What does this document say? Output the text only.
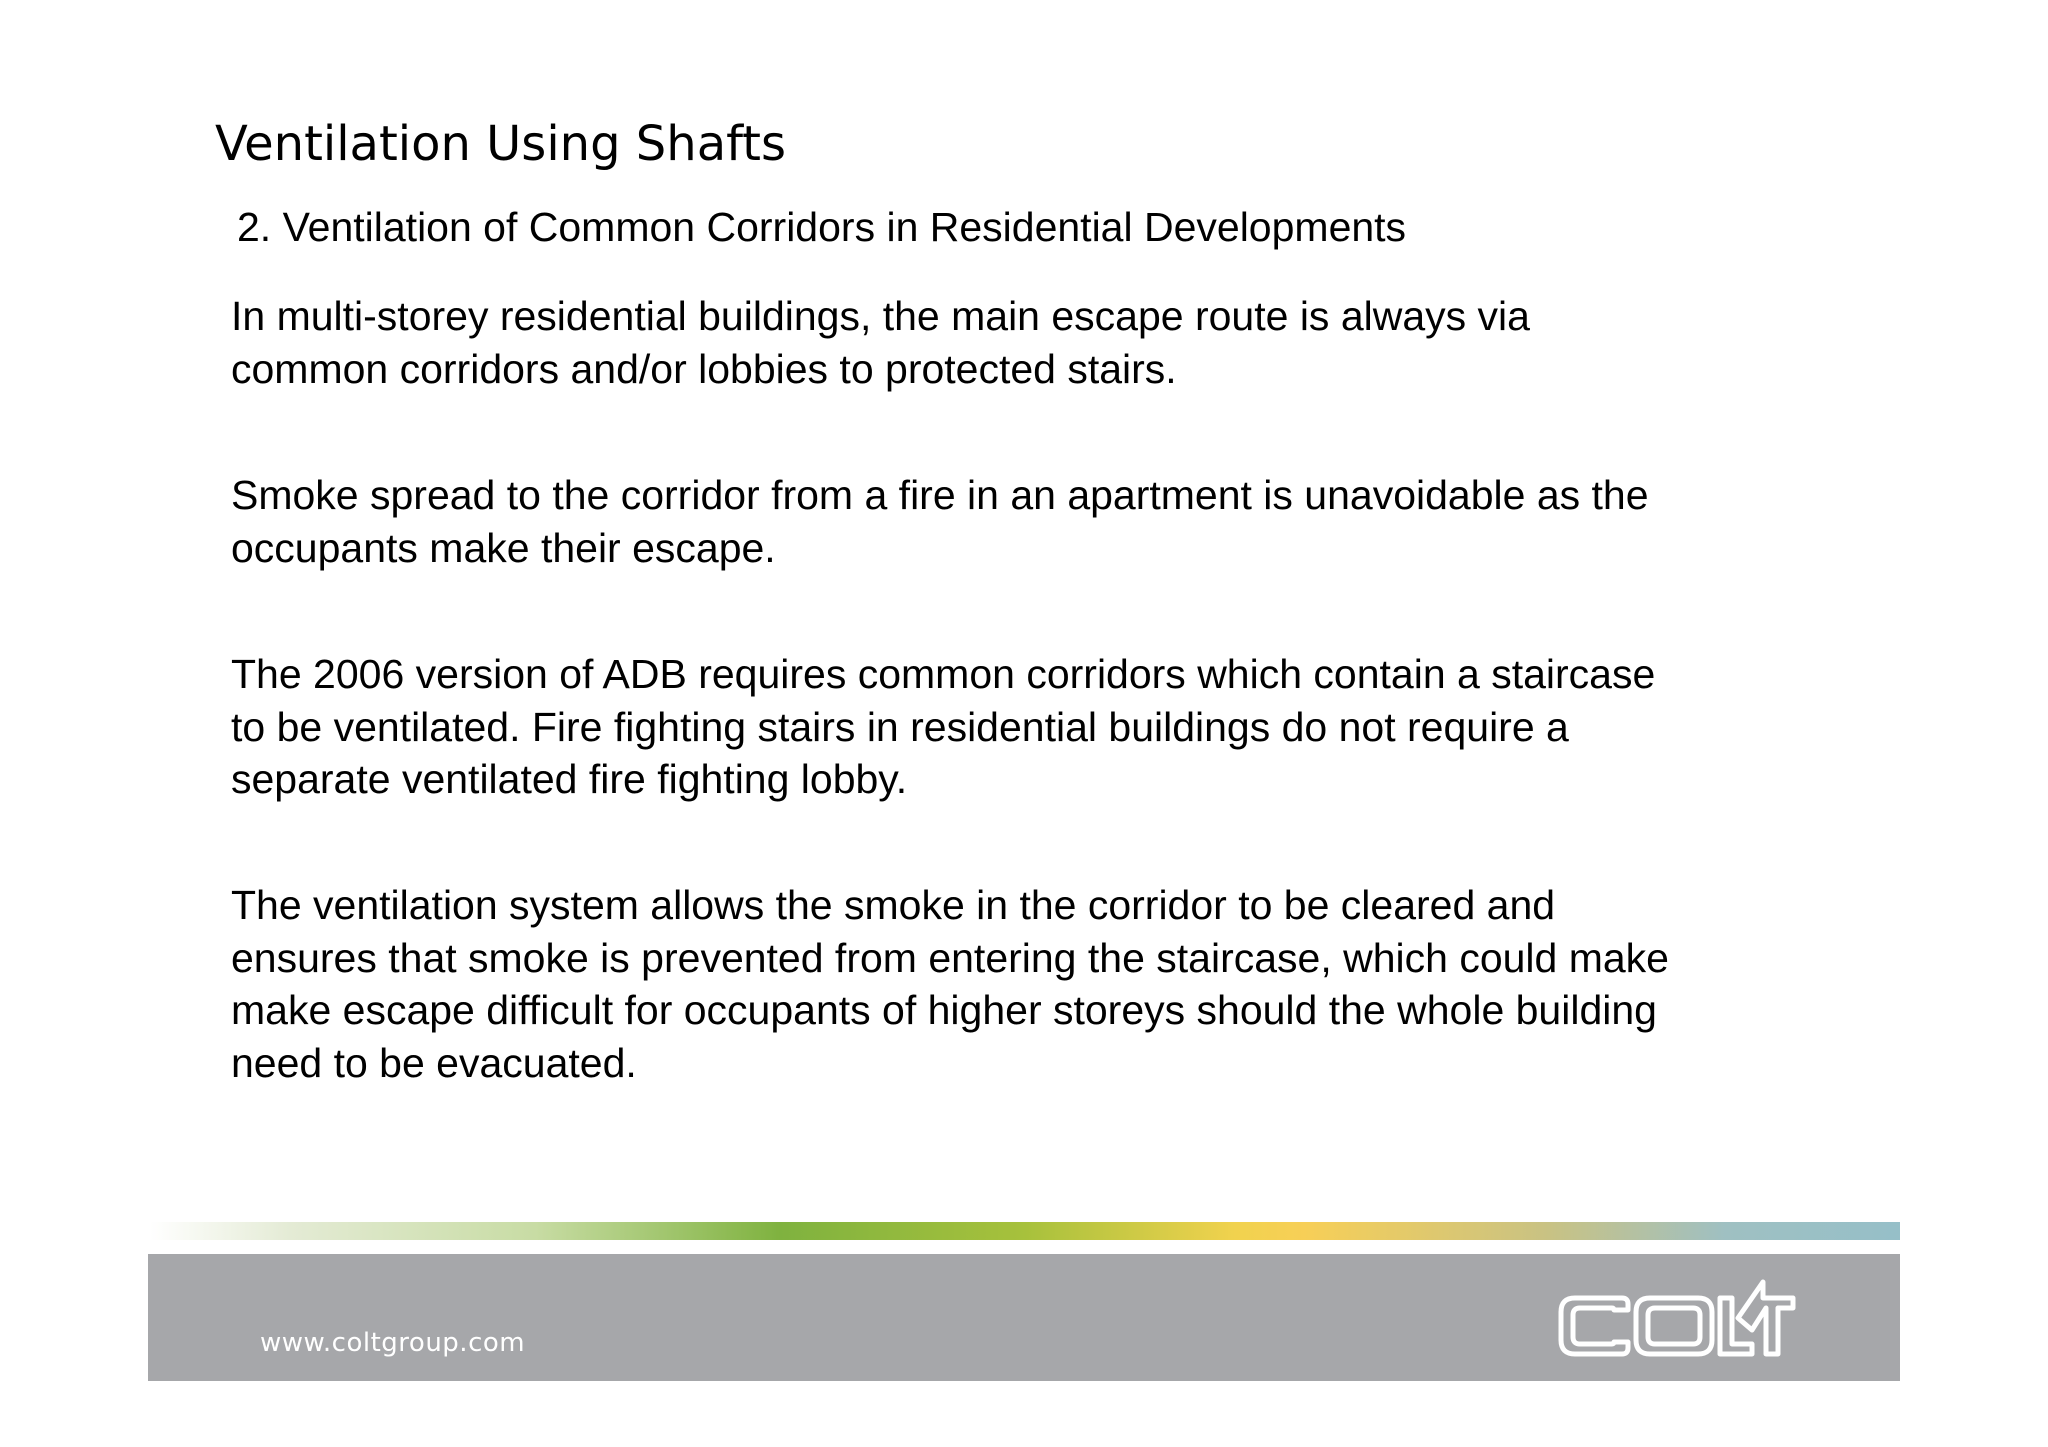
Ventilation Using Shafts
2. Ventilation of Common Corridors in Residential Developments

In multi-storey residential buildings, the main escape route is always via
common corridors and/or lobbies to protected stairs.

Smoke spread to the corridor from a fire in an apartment is unavoidable as the
occupants make their escape.

The 2006 version of ADB requires common corridors which contain a staircase
to be ventilated. Fire fighting stairs in residential buildings do not require a
separate ventilated fire fighting lobby.

The ventilation system allows the smoke in the corridor to be cleared and
ensures that smoke is prevented from entering the staircase, which could make
make escape difficult for occupants of higher storeys should the whole building
need to be evacuated.

www.coltgroup.com
